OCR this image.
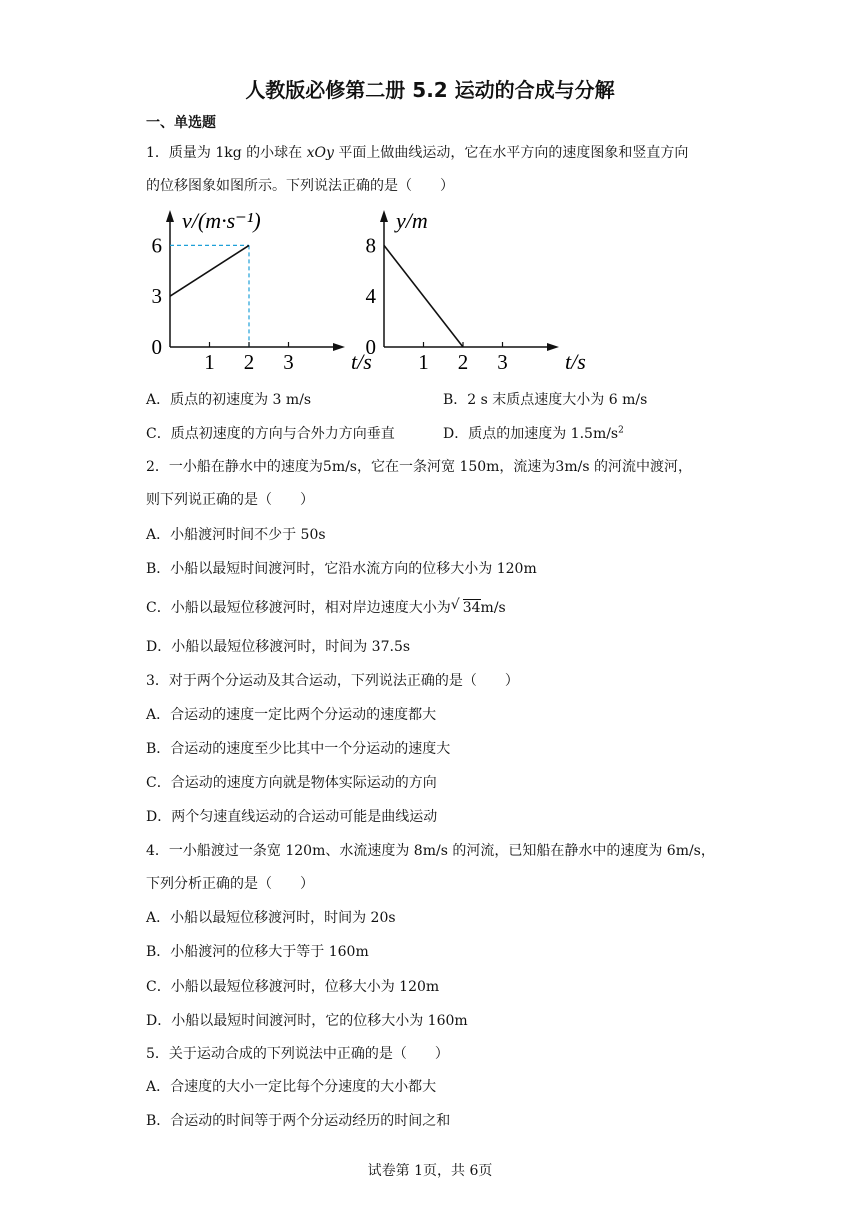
人教版必修第二册 5.2 运动的合成与分解
一、单选题
1．质量为 1kg 的小球在 xOy 平面上做曲线运动，它在水平方向的速度图象和竖直方向
的位移图象如图所示。下列说法正确的是（　　）
1 2 3
3
6
0
t/s
v/(m·s⁻¹)
1 2 3
4
8
0
t/s
y/m
A．质点的初速度为 3 m/s	B．2 s 末质点速度大小为 6 m/s
C．质点初速度的方向与合外力方向垂直	D．质点的加速度为 $1.5m/s^2$
2．一小船在静水中的速度为5m/s，它在一条河宽 150m，流速为3m/s 的河流中渡河，
则下列说正确的是（　　）
A．小船渡河时间不少于 50s
B．小船以最短时间渡河时，它沿水流方向的位移大小为 120m
C．小船以最短位移渡河时，相对岸边速度大小为 √ 34m/s
D．小船以最短位移渡河时，时间为 37.5s
3．对于两个分运动及其合运动，下列说法正确的是（　　）
A．合运动的速度一定比两个分运动的速度都大
B．合运动的速度至少比其中一个分运动的速度大
C．合运动的速度方向就是物体实际运动的方向
D．两个匀速直线运动的合运动可能是曲线运动
4．一小船渡过一条宽 120m、水流速度为 8m/s 的河流，已知船在静水中的速度为 6m/s，
下列分析正确的是（　　）
A．小船以最短位移渡河时，时间为 20s
B．小船渡河的位移大于等于 160m
C．小船以最短位移渡河时，位移大小为 120m
D．小船以最短时间渡河时，它的位移大小为 160m
5．关于运动合成的下列说法中正确的是（　　）
A．合速度的大小一定比每个分速度的大小都大
B．合运动的时间等于两个分运动经历的时间之和
试卷第 1页，共 6页
